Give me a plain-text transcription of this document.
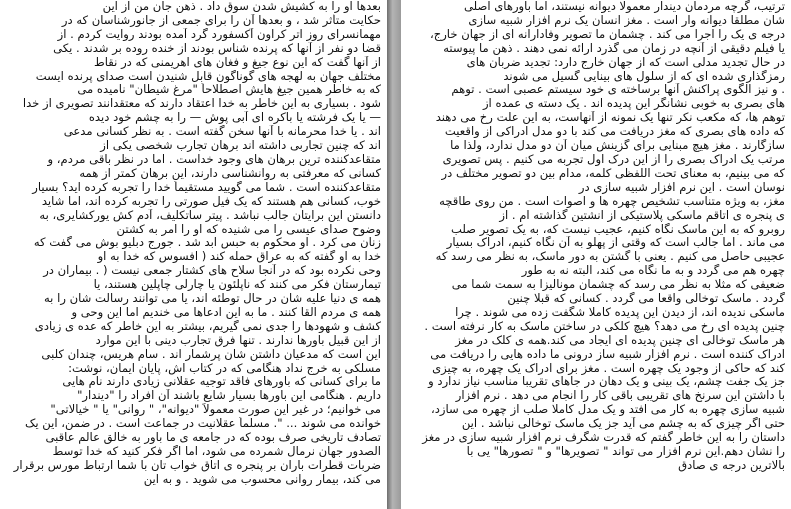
بعدها او را به کشیش شدن سوق داد . ذهن جان من از این
حکایت متأثر شد ، و بعدها آن را برای جمعی از جانورشناسان که در
مهمانسرای روز اتر کراون آکسفورد گرد آمده بودند روایت کردم . از
قضا دو نفر از آنها که پرنده شناس بودند از خنده روده بر شدند . یکی
از آنها گفت که این نوع جیغ و فغان های اهریمنی که در نقاط
مختلف جهان به لهجه های گوناگون قابل شنیدن است صدای پرنده ایست
که به خاطر همین جیغ هایش اصطلاحاً "مرغ شیطان" نامیده می
شود . بسیاری به این خاطر به خدا اعتقاد دارند که معتقدانند تصویری از خدا
— یا یک فرشته یا باکره ای آبی پوش — را به چشم خود دیده
اند . یا خدا محرمانه با آنها سخن گفته است . به نظر کسانی مدعی
اند که چنین تجاربی داشته اند برهان تجارب شخصی یکی از
متقاعدکننده ترین برهان های وجود خداست . اما در نظر باقی مردم، و
کسانی که معرفتی به روانشناسی دارند، این برهان کمتر از همه
متقاعدکننده است . شما می گویید مستقیماً خدا را تجربه کرده اید؟ بسیار
خوب، کسانی هم هستند که یک فیل صورتی را تجربه کرده اند، اما شاید
دانستن این برایتان جالب نباشد . پیتر ساتکلیف، آدم کش یورکشایری، به
وضوح صدای عیسی را می شنیده که او را امر به کشتن
زنان می کرد . او محکوم به حبس ابد شد . جورج دبلیو بوش می گفت که
خدا به او گفته که به عراق حمله کند ( افسوس که خدا به او
وحی نکرده بود که در آنجا سلاح های کشتار جمعی نیست ( . بیماران در
تیمارستان فکر می کنند که ناپلئون یا چارلی چاپلین هستند، یا
همه ی دنیا علیه شان در حال توطئه اند، یا می توانند رسالت شان را به
همه ی مردم القا کنند . ما به این ادعاها می خندیم اما این وحی و
کشف و شهودها را جدی نمی گیریم، بیشتر به این خاطر که عده ی زیادی
از این قبیل باورها ندارند . تنها فرق تجارب دینی با این موارد
این است که مدعیان داشتن شان پرشمار اند . سام هریس، چندان کلبی
مسلکی به خرج نداد هنگامی که در کتاب اش، پایان ایمان، نوشت:
ما برای کسانی که باورهای فاقد توجیه عقلانی زیادی دارند نام هایی
داریم . هنگامی این باورها بسیار شایع باشند آن افراد را "دیندار"
می خوانیم؛ در غیر این صورت معمولاً "دیوانه"، " روانی" یا " خیالاتی"
خوانده می شوند ... ". مسلماً عقلانیت در جماعت است . در ضمن، این یک
تصادف تاریخی صرف بوده که در جامعه ی ما باور به خالق عالم عاقبی
الصدور جهان نرمال شمرده می شود، اما اگر فکر کنید که خدا توسط
ضربات قطرات باران بر پنجره ی اتاق خواب تان با شما ارتباط مورس برقرار
می کند، بیمار روانی محسوب می شوید . و به این
ترتیب، گرچه مردمان دیندار معمولا دیوانه نیستند، اما باورهای اصلی
شان مطلقا دیوانه وار است . مغز انسان یک نرم افزار شبیه سازی
درجه ی یک را اجرا می کند . چشمان ما تصویر وفادارانه ای از جهان خارج،
یا فیلم دقیقی از آنچه در زمان می گذرد ارائه نمی دهند . ذهن ما پیوسته
در حال تجدید مدلی است که از جهان خارج دارد: تجدید ضربان های
رمزگذاری شده ای که از سلول های بینایی گسیل می شوند
. و نیز الگوی پراکنش آنها برساخته ی خود سیستم عصبی است . توهم
های بصری به خوبی نشانگر این پدیده اند . یک دسته ی عمده از
توهم ها، که مکعب نکر تنها یک نمونه از آنهاست، به این علت رخ می دهند
که داده های بصری که مغز دریافت می کند با دو مدل ادراکی از واقعیت
سازگارند . مغز هیچ مبنایی برای گزینش میان آن دو مدل ندارد، ولذا ما
مرتب یک ادراک بصری را از این درک اول تجربه می کنیم . پس تصویری
که می بینیم، به معنای تحت اللفظی کلمه، مدام بین دو تصویر مختلف در
نوسان است . این نرم افزار شبیه سازی در
مغز، به ویژه متناسب تشخیص چهره ها و اصوات است . من روی طاقچه
ی پنجره ی اتاقم ماسکی پلاستیکی از انشتین گذاشته ام . از
روبرو که به این ماسک نگاه کنیم، عجیب نیست که، به یک تصویر صلب
می ماند . اما جالب است که وقتی از پهلو به آن نگاه کنیم، ادراک بسیار
عجیبی حاصل می کنیم . یعنی با گشتن به دور ماسک، به نظر می رسد که
چهره هم می گردد و به ما نگاه می کند، البته نه به طور
ضعیفی که مثلا به نظر می رسد که چشمان مونالیزا به سمت شما می
گردد . ماسک توخالی واقعا می گردد . کسانی که قبلا چنین
ماسکی ندیده اند، از دیدن این پدیده کاملا شگفت زده می شوند . چرا
چنین پدیده ای رخ می دهد؟ هیچ کلکی در ساختن ماسک به کار نرفته است .
هر ماسک توخالی ای چنین پدیده ای ایجاد می کند.همه ی کلک در مغز
ادراک کننده است . نرم افزار شبیه ساز درونی ما داده هایی را دریافت می
کند که حاکی از وجود یک چهره است . مغز برای ادراک یک چهره، به چیزی
جز یک جفت چشم، یک بینی و یک دهان در جاهای تقریبا مناسب نیاز ندارد و
با داشتن این سرنخ های تقریبی باقی کار را انجام می دهد . نرم افزار
شبیه سازی چهره به کار می افتد و یک مدل کاملا صلب از چهره می سازد،
حتی اگر چیزی که به چشم می آید جز یک ماسک توخالی نباشد . این
داستان را به این خاطر گفتم که قدرت شگرف نرم افزار شبیه سازی در مغز
را نشان دهم.این نرم افزار می تواند " تصویرها" و " تصورها" یی با
بالاترین درجه ی صادق
